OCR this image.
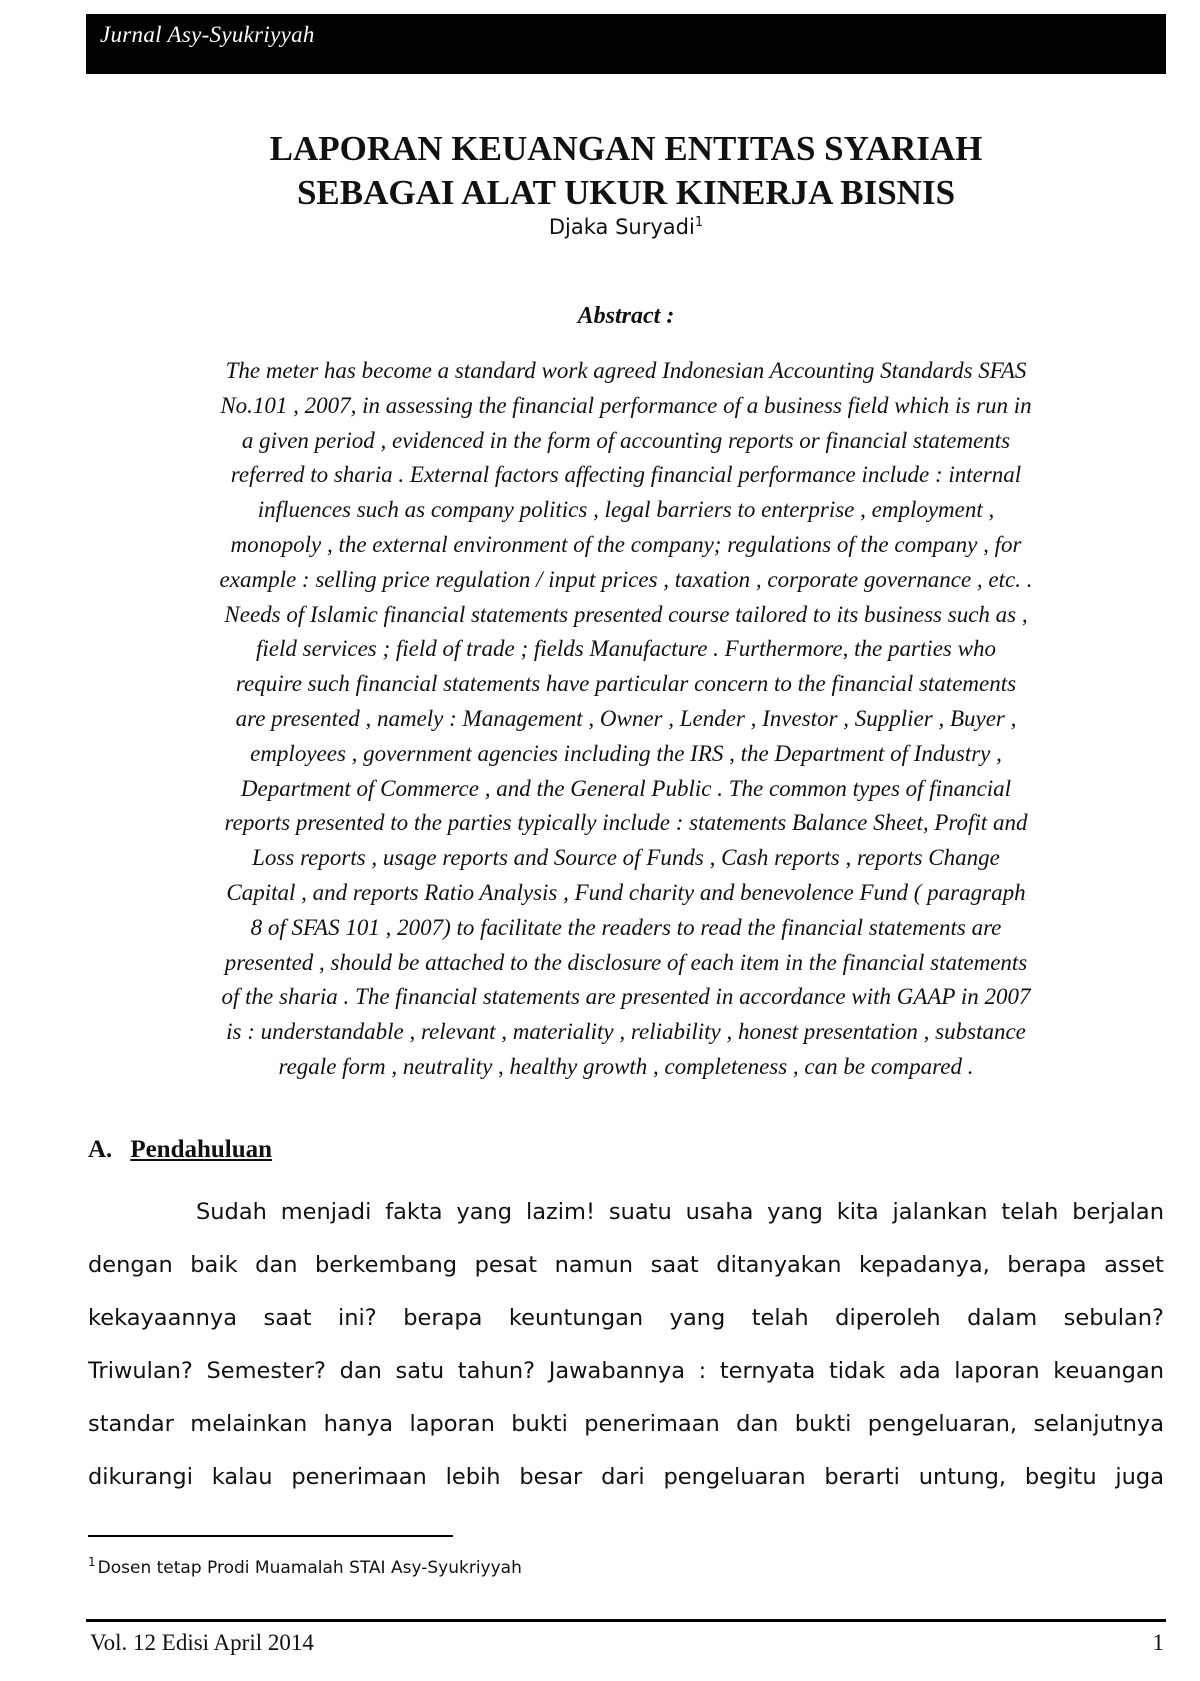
Jurnal Asy-Syukriyyah
LAPORAN KEUANGAN ENTITAS SYARIAH
SEBAGAI ALAT UKUR KINERJA BISNIS
Djaka Suryadi$^1$
Abstract :
The meter has become a standard work agreed Indonesian Accounting Standards SFAS
No.101 , 2007, in assessing the financial performance of a business field which is run in
a given period , evidenced in the form of accounting reports or financial statements
referred to sharia . External factors affecting financial performance include : internal
influences such as company politics , legal barriers to enterprise , employment ,
monopoly , the external environment of the company; regulations of the company , for
example : selling price regulation / input prices , taxation , corporate governance , etc. .
Needs of Islamic financial statements presented course tailored to its business such as ,
field services ; field of trade ; fields Manufacture . Furthermore, the parties who
require such financial statements have particular concern to the financial statements
are presented , namely : Management , Owner , Lender , Investor , Supplier , Buyer ,
employees , government agencies including the IRS , the Department of Industry ,
Department of Commerce , and the General Public . The common types of financial
reports presented to the parties typically include : statements Balance Sheet, Profit and
Loss reports , usage reports and Source of Funds , Cash reports , reports Change
Capital , and reports Ratio Analysis , Fund charity and benevolence Fund ( paragraph
8 of SFAS 101 , 2007) to facilitate the readers to read the financial statements are
presented , should be attached to the disclosure of each item in the financial statements
of the sharia . The financial statements are presented in accordance with GAAP in 2007
is : understandable , relevant , materiality , reliability , honest presentation , substance
regale form , neutrality , healthy growth , completeness , can be compared .
A. Pendahuluan
Sudah menjadi fakta yang lazim! suatu usaha yang kita jalankan telah berjalan
dengan baik dan berkembang pesat namun saat ditanyakan kepadanya, berapa asset
kekayaannya saat ini? berapa keuntungan yang telah diperoleh dalam sebulan?
Triwulan? Semester? dan satu tahun? Jawabannya : ternyata tidak ada laporan keuangan
standar melainkan hanya laporan bukti penerimaan dan bukti pengeluaran, selanjutnya
dikurangi kalau penerimaan lebih besar dari pengeluaran berarti untung, begitu juga
$^1$ Dosen tetap Prodi Muamalah STAI Asy-Syukriyyah
Vol. 12 Edisi April 2014	1
